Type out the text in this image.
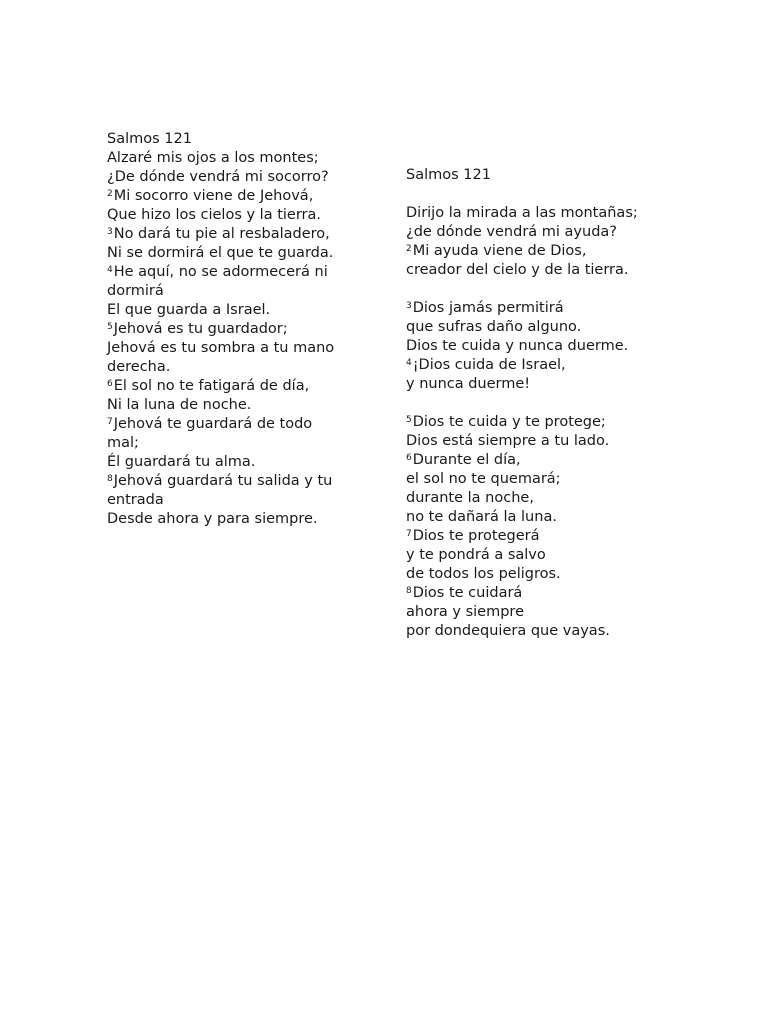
Salmos 121
Alzaré mis ojos a los montes;
¿De dónde vendrá mi socorro?
$^2$Mi socorro viene de Jehová,
Que hizo los cielos y la tierra.
$^3$No dará tu pie al resbaladero,
Ni se dormirá el que te guarda.
$^4$He aquí, no se adormecerá ni
dormirá
El que guarda a Israel.
$^5$Jehová es tu guardador;
Jehová es tu sombra a tu mano
derecha.
$^6$El sol no te fatigará de día,
Ni la luna de noche.
$^7$Jehová te guardará de todo
mal;
Él guardará tu alma.
$^8$Jehová guardará tu salida y tu
entrada
Desde ahora y para siempre.
Salmos 121
Dirijo la mirada a las montañas;
¿de dónde vendrá mi ayuda?
$^2$Mi ayuda viene de Dios,
creador del cielo y de la tierra.
$^3$Dios jamás permitirá
que sufras daño alguno.
Dios te cuida y nunca duerme.
$^4$¡Dios cuida de Israel,
y nunca duerme!
$^5$Dios te cuida y te protege;
Dios está siempre a tu lado.
$^6$Durante el día,
el sol no te quemará;
durante la noche,
no te dañará la luna.
$^7$Dios te protegerá
y te pondrá a salvo
de todos los peligros.
$^8$Dios te cuidará
ahora y siempre
por dondequiera que vayas.
